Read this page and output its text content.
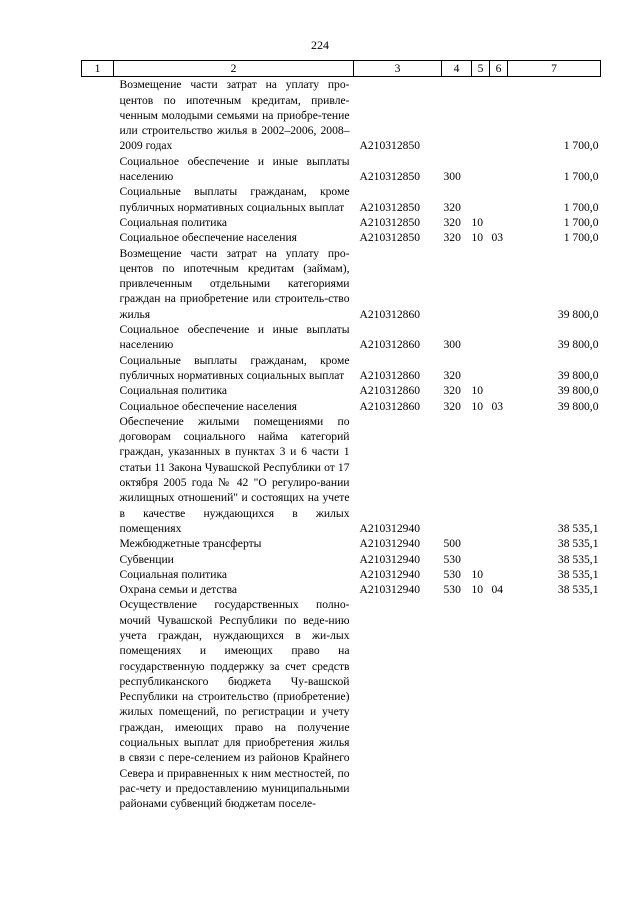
224
1	2	3	4	5	6	7
	Возмещение части затрат на уплату про-центов по ипотечным кредитам, привле-ченным молодыми семьями на приобре-тение или строительство жилья в 2002–2006, 2008–2009 годах	А210312850				1 700,0
	Социальное обеспечение и иные выплаты населению	А210312850	300			1 700,0
	Социальные выплаты гражданам, кроме публичных нормативных социальных выплат	А210312850	320			1 700,0
	Социальная политика	А210312850	320	10		1 700,0
	Социальное обеспечение населения	А210312850	320	10	03	1 700,0
	Возмещение части затрат на уплату про-центов по ипотечным кредитам (займам), привлеченным отдельными категориями граждан на приобретение или строитель-ство жилья	А210312860				39 800,0
	Социальное обеспечение и иные выплаты населению	А210312860	300			39 800,0
	Социальные выплаты гражданам, кроме публичных нормативных социальных выплат	А210312860	320			39 800,0
	Социальная политика	А210312860	320	10		39 800,0
	Социальное обеспечение населения	А210312860	320	10	03	39 800,0
	Обеспечение жилыми помещениями по договорам социального найма категорий граждан, указанных в пунктах 3 и 6 части 1 статьи 11 Закона Чувашской Республики от 17 октября 2005 года № 42 "О регулиро-вании жилищных отношений" и состоящих на учете в качестве нуждающихся в жилых помещениях	А210312940				38 535,1
	Межбюджетные трансферты	А210312940	500			38 535,1
	Субвенции	А210312940	530			38 535,1
	Социальная политика	А210312940	530	10		38 535,1
	Охрана семьи и детства	А210312940	530	10	04	38 535,1
	Осуществление государственных полно-мочий Чувашской Республики по веде-нию учета граждан, нуждающихся в жи-лых помещениях и имеющих право на государственную поддержку за счет средств республиканского бюджета Чу-вашской Республики на строительство (приобретение) жилых помещений, по регистрации и учету граждан, имеющих право на получение социальных выплат для приобретения жилья в связи с пере-селением из районов Крайнего Севера и приравненных к ним местностей, по рас-чету и предоставлению муниципальными районами субвенций бюджетам поселе-					
